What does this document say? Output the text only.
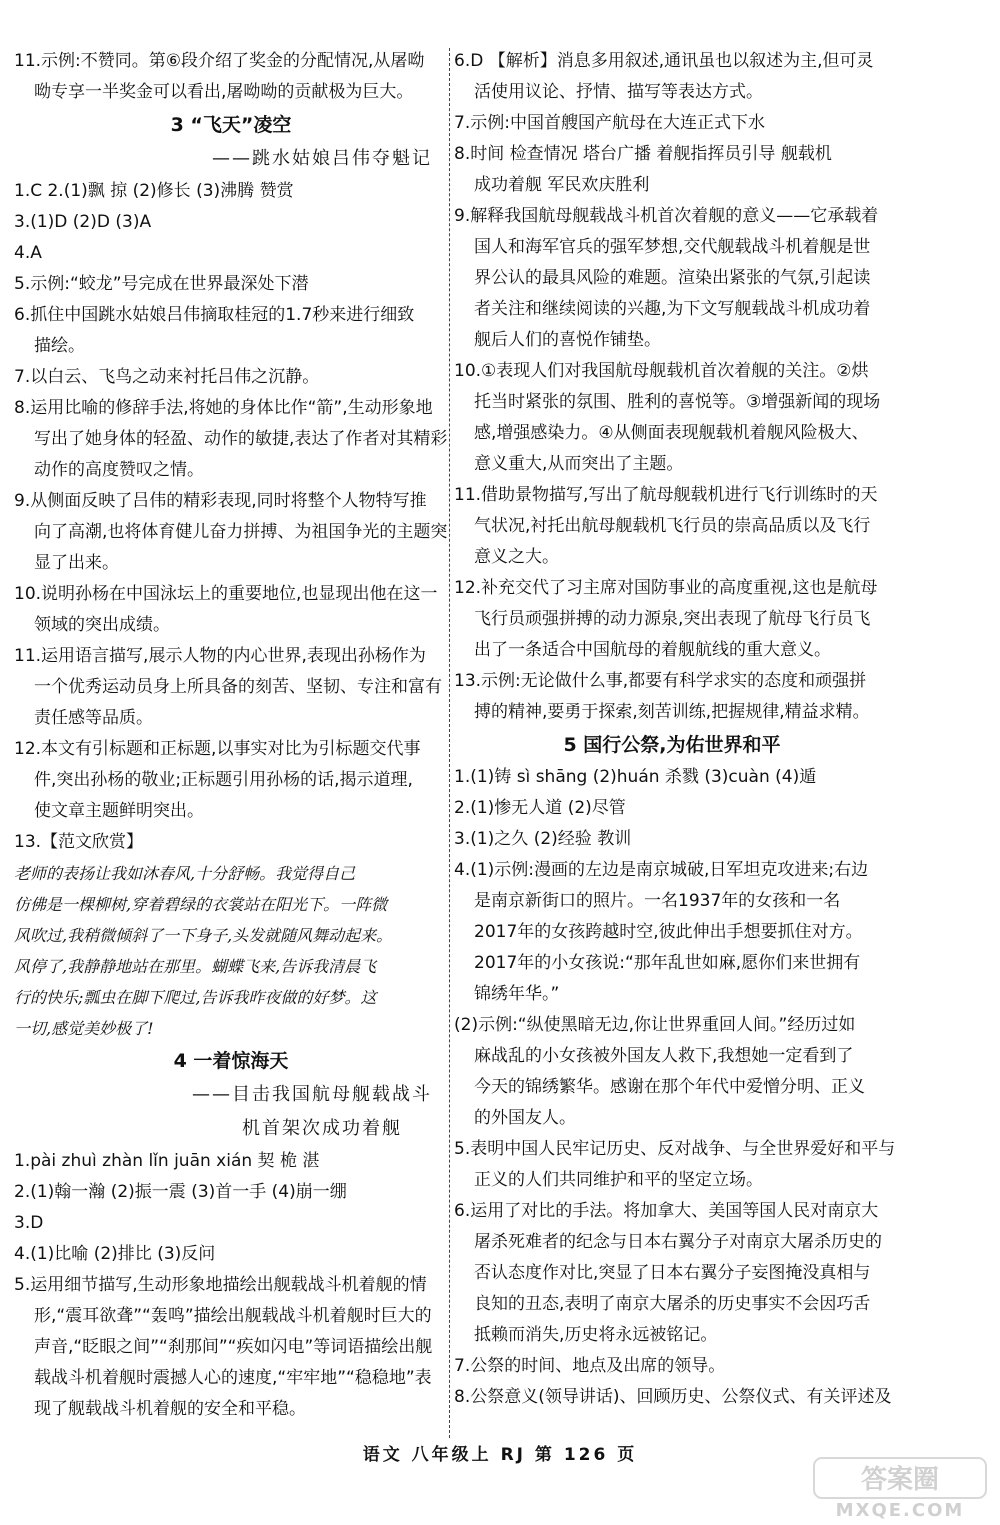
11.示例:不赞同。第⑥段介绍了奖金的分配情况,从屠呦
呦专享一半奖金可以看出,屠呦呦的贡献极为巨大。
3 “飞天”凌空
——跳水姑娘吕伟夺魁记
1.C 2.(1)飘 掠 (2)修长 (3)沸腾 赞赏
3.(1)D (2)D (3)A
4.A
5.示例:“蛟龙”号完成在世界最深处下潜
6.抓住中国跳水姑娘吕伟摘取桂冠的1.7秒来进行细致
描绘。
7.以白云、飞鸟之动来衬托吕伟之沉静。
8.运用比喻的修辞手法,将她的身体比作“箭”,生动形象地
写出了她身体的轻盈、动作的敏捷,表达了作者对其精彩
动作的高度赞叹之情。
9.从侧面反映了吕伟的精彩表现,同时将整个人物特写推
向了高潮,也将体育健儿奋力拼搏、为祖国争光的主题突
显了出来。
10.说明孙杨在中国泳坛上的重要地位,也显现出他在这一
领域的突出成绩。
11.运用语言描写,展示人物的内心世界,表现出孙杨作为
一个优秀运动员身上所具备的刻苦、坚韧、专注和富有
责任感等品质。
12.本文有引标题和正标题,以事实对比为引标题交代事
件,突出孙杨的敬业;正标题引用孙杨的话,揭示道理,
使文章主题鲜明突出。
13.【范文欣赏】
老师的表扬让我如沐春风,十分舒畅。我觉得自己
仿佛是一棵柳树,穿着碧绿的衣裳站在阳光下。一阵微
风吹过,我稍微倾斜了一下身子,头发就随风舞动起来。
风停了,我静静地站在那里。蝴蝶飞来,告诉我清晨飞
行的快乐;瓢虫在脚下爬过,告诉我昨夜做的好梦。这
一切,感觉美妙极了!
4 一着惊海天
——目击我国航母舰载战斗
机首架次成功着舰
1.pài zhuì zhàn lǐn juān xián 契 桅 湛
2.(1)翰一瀚 (2)振一震 (3)首一手 (4)崩一绷
3.D
4.(1)比喻 (2)排比 (3)反问
5.运用细节描写,生动形象地描绘出舰载战斗机着舰的情
形,“震耳欲聋”“轰鸣”描绘出舰载战斗机着舰时巨大的
声音,“眨眼之间”“刹那间”“疾如闪电”等词语描绘出舰
载战斗机着舰时震撼人心的速度,“牢牢地”“稳稳地”表
现了舰载战斗机着舰的安全和平稳。
6.D 【解析】消息多用叙述,通讯虽也以叙述为主,但可灵
活使用议论、抒情、描写等表达方式。
7.示例:中国首艘国产航母在大连正式下水
8.时间 检查情况 塔台广播 着舰指挥员引导 舰载机
成功着舰 军民欢庆胜利
9.解释我国航母舰载战斗机首次着舰的意义——它承载着
国人和海军官兵的强军梦想,交代舰载战斗机着舰是世
界公认的最具风险的难题。渲染出紧张的气氛,引起读
者关注和继续阅读的兴趣,为下文写舰载战斗机成功着
舰后人们的喜悦作铺垫。
10.①表现人们对我国航母舰载机首次着舰的关注。②烘
托当时紧张的氛围、胜利的喜悦等。③增强新闻的现场
感,增强感染力。④从侧面表现舰载机着舰风险极大、
意义重大,从而突出了主题。
11.借助景物描写,写出了航母舰载机进行飞行训练时的天
气状况,衬托出航母舰载机飞行员的崇高品质以及飞行
意义之大。
12.补充交代了习主席对国防事业的高度重视,这也是航母
飞行员顽强拼搏的动力源泉,突出表现了航母飞行员飞
出了一条适合中国航母的着舰航线的重大意义。
13.示例:无论做什么事,都要有科学求实的态度和顽强拼
搏的精神,要勇于探索,刻苦训练,把握规律,精益求精。
5 国行公祭,为佑世界和平
1.(1)铸 sì shāng (2)huán 杀戮 (3)cuàn (4)遁
2.(1)惨无人道 (2)尽管
3.(1)之久 (2)经验 教训
4.(1)示例:漫画的左边是南京城破,日军坦克攻进来;右边
是南京新街口的照片。一名1937年的女孩和一名
2017年的女孩跨越时空,彼此伸出手想要抓住对方。
2017年的小女孩说:“那年乱世如麻,愿你们来世拥有
锦绣年华。”
(2)示例:“纵使黑暗无边,你让世界重回人间。”经历过如
麻战乱的小女孩被外国友人救下,我想她一定看到了
今天的锦绣繁华。感谢在那个年代中爱憎分明、正义
的外国友人。
5.表明中国人民牢记历史、反对战争、与全世界爱好和平与
正义的人们共同维护和平的坚定立场。
6.运用了对比的手法。将加拿大、美国等国人民对南京大
屠杀死难者的纪念与日本右翼分子对南京大屠杀历史的
否认态度作对比,突显了日本右翼分子妄图掩没真相与
良知的丑态,表明了南京大屠杀的历史事实不会因巧舌
抵赖而消失,历史将永远被铭记。
7.公祭的时间、地点及出席的领导。
8.公祭意义(领导讲话)、回顾历史、公祭仪式、有关评述及
语文 八年级上 RJ 第 126 页
答案圈
MXQE.COM
